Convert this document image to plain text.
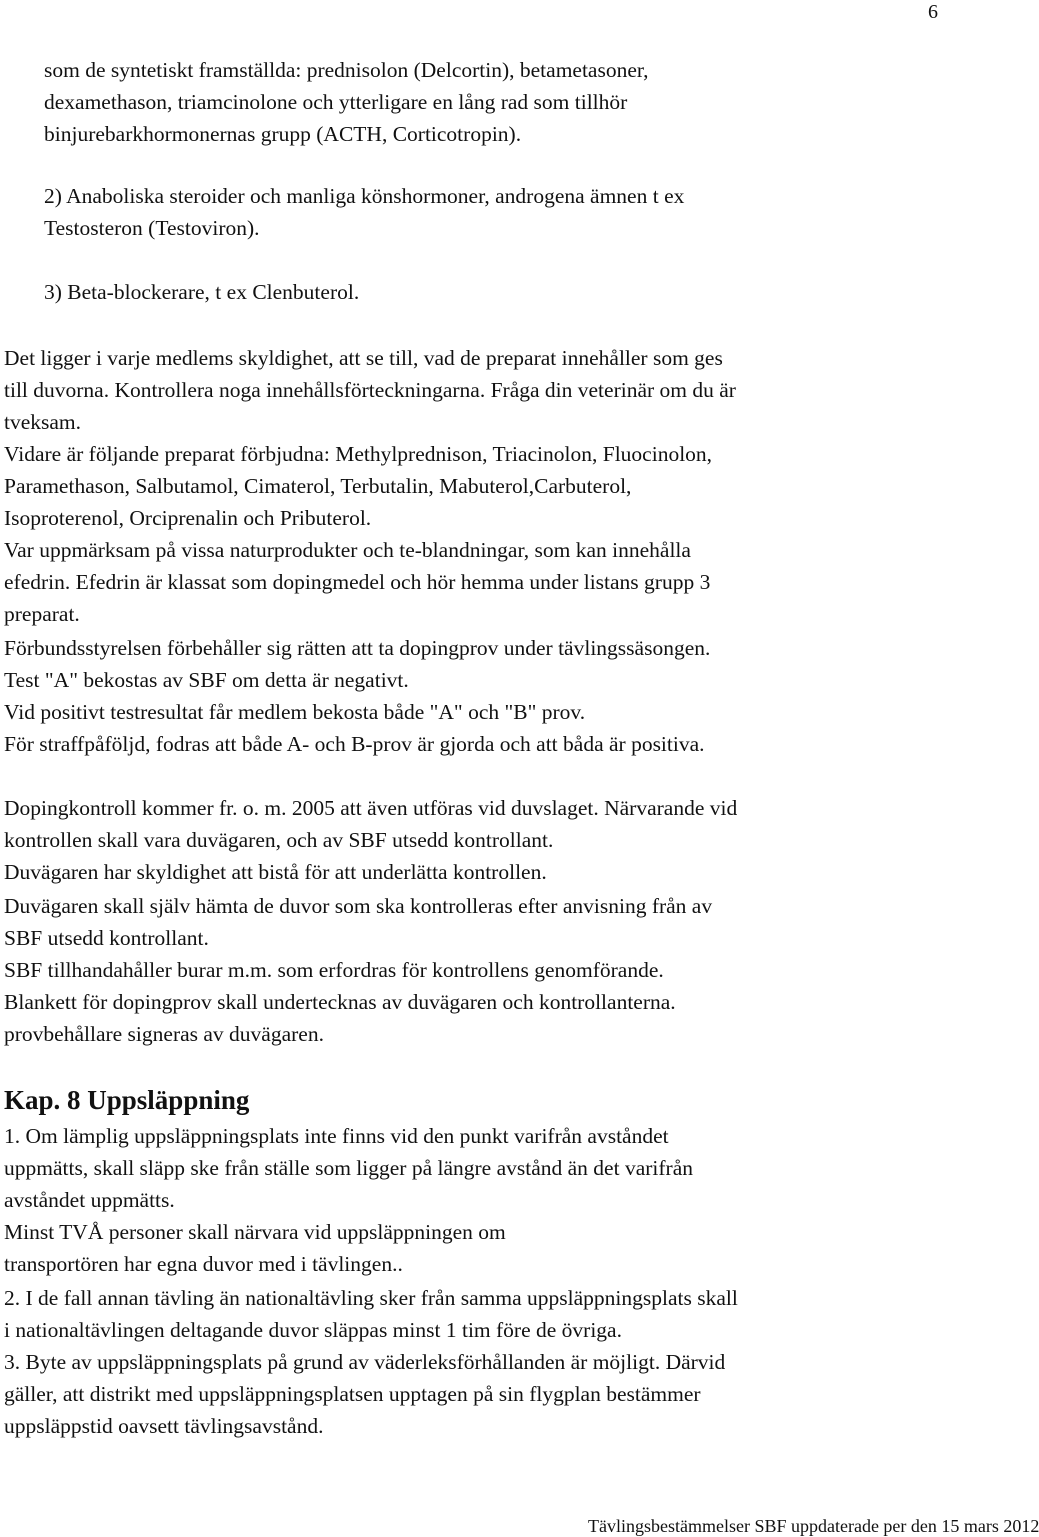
6
som de syntetiskt framställda: prednisolon (Delcortin), betametasoner,
dexamethason, triamcinolone och ytterligare en lång rad som tillhör
binjurebarkhormonernas grupp (ACTH, Corticotropin).
2) Anaboliska steroider och manliga könshormoner, androgena ämnen t ex
Testosteron (Testoviron).
3) Beta-blockerare, t ex Clenbuterol.
Det ligger i varje medlems skyldighet, att se till, vad de preparat innehåller som ges
till duvorna. Kontrollera noga innehållsförteckningarna. Fråga din veterinär om du är
tveksam.
Vidare är följande preparat förbjudna: Methylprednison, Triacinolon, Fluocinolon,
Paramethason, Salbutamol, Cimaterol, Terbutalin, Mabuterol,Carbuterol,
Isoproterenol, Orciprenalin och Pributerol.
Var uppmärksam på vissa naturprodukter och te-blandningar, som kan innehålla
efedrin. Efedrin är klassat som dopingmedel och hör hemma under listans grupp 3
preparat.
Förbundsstyrelsen förbehåller sig rätten att ta dopingprov under tävlingssäsongen.
Test "A" bekostas av SBF om detta är negativt.
Vid positivt testresultat får medlem bekosta både "A" och "B" prov.
För straffpåföljd, fodras att både A- och B-prov är gjorda och att båda är positiva.
Dopingkontroll kommer fr. o. m. 2005 att även utföras vid duvslaget. Närvarande vid
kontrollen skall vara duvägaren, och av SBF utsedd kontrollant.
Duvägaren har skyldighet att bistå för att underlätta kontrollen.
Duvägaren skall själv hämta de duvor som ska kontrolleras efter anvisning från av
SBF utsedd kontrollant.
SBF tillhandahåller burar m.m. som erfordras för kontrollens genomförande.
Blankett för dopingprov skall undertecknas av duvägaren och kontrollanterna.
provbehållare signeras av duvägaren.
Kap. 8 Uppsläppning
1. Om lämplig uppsläppningsplats inte finns vid den punkt varifrån avståndet
uppmätts, skall släpp ske från ställe som ligger på längre avstånd än det varifrån
avståndet uppmätts.
Minst TVÅ personer skall närvara vid uppsläppningen om
transportören har egna duvor med i tävlingen..
2. I de fall annan tävling än nationaltävling sker från samma uppsläppningsplats skall
i nationaltävlingen deltagande duvor släppas minst 1 tim före de övriga.
3. Byte av uppsläppningsplats på grund av väderleksförhållanden är möjligt. Därvid
gäller, att distrikt med uppsläppningsplatsen upptagen på sin flygplan bestämmer
uppsläppstid oavsett tävlingsavstånd.
Tävlingsbestämmelser SBF uppdaterade per den 15 mars 2012
